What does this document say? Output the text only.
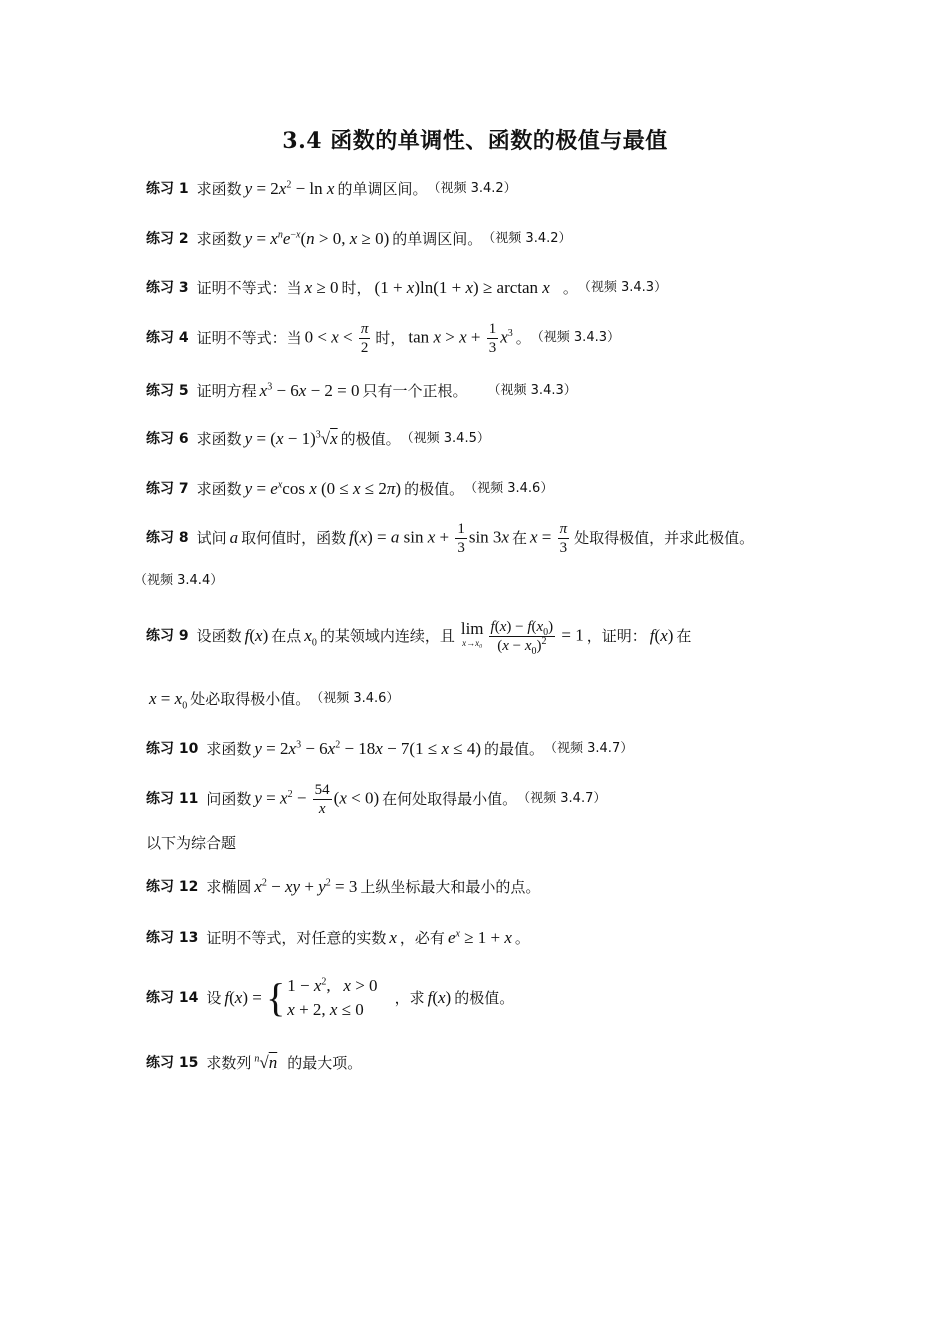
3.4 函数的单调性、函数的极值与最值
练习 1 求函数 $y = 2x^2 - \ln x$ 的单调区间。 （视频 3.4.2）
练习 2 求函数 $y = x^ne^{-x}(n > 0$, x ≥ 0) 的单调区间。 （视频 3.4.2）
练习 3 证明不等式：当 x ≥ 0 时， (1 + x)ln(1 + x) ≥ arctan x 。 （视频 3.4.3）
练习 4 证明不等式：当 $0 < x < \frac{\pi}{2}$ 时， $\tan x > x + \frac{1}{3} x^3$ 。 （视频 3.4.3）
练习 5 证明方程 $x^3 - 6x - 2 = 0$ 只有一个正根。 （视频 3.4.3）
练习 6 求函数 $y = (x - 1)^3√x$ 的极值。 （视频 3.4.5）
练习 7 求函数 $y = e^x\cos$ x (0 ≤ x ≤ 2π) 的极值。 （视频 3.4.6）
练习 8 试问 a 取何值时，函数 f(x) = a $\sin x + \frac{1}{3}$ sin 3x 在 $x = \frac{\pi}{3}$ 处取得极值，并求此极值。
（视频 3.4.4）
练习 9 设函数 f(x) 在点 $x_0$ 的某领域内连续，且 lim
$x\to x_0 \frac{f(x) - f(x_0)}{(x - x_0)^2} = 1$ ，证明： f(x) 在
$x = x_0$ 处必取得极小值。 （视频 3.4.6）
练习 10 求函数 $y = 2x^3 - 6x^2 - 18x - 7(1 \le x \le 4)$ 的最值。 （视频 3.4.7）
练习 11 问函数 $y = x^2 - \frac{54}{x} (x < 0)$ 在何处取得最小值。 （视频 3.4.7）
以下为综合题
练习 12 求椭圆 $x^2$ − xy + $y^2 = 3$ 上纵坐标最大和最小的点。
练习 13 证明不等式，对任意的实数 x ，必有 $e^x \ge 1 + x$ 。
练习 14 设 f ( x ) = { $1 - x^2$,   x > 0
x + 2, x ≤ 0
，求 f(x) 的极值。
练习 15 求数列 $^n$√n 的最大项。
